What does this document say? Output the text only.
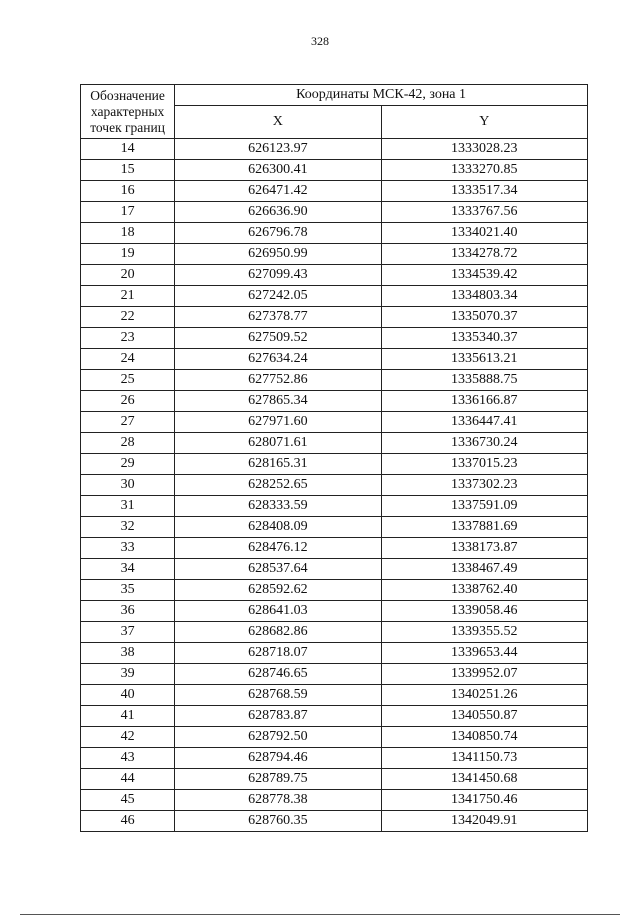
328
Обозначение
характерных
точек границ	Координаты МСК-42, зона 1	
	X	Y
14	626123.97	1333028.23
15	626300.41	1333270.85
16	626471.42	1333517.34
17	626636.90	1333767.56
18	626796.78	1334021.40
19	626950.99	1334278.72
20	627099.43	1334539.42
21	627242.05	1334803.34
22	627378.77	1335070.37
23	627509.52	1335340.37
24	627634.24	1335613.21
25	627752.86	1335888.75
26	627865.34	1336166.87
27	627971.60	1336447.41
28	628071.61	1336730.24
29	628165.31	1337015.23
30	628252.65	1337302.23
31	628333.59	1337591.09
32	628408.09	1337881.69
33	628476.12	1338173.87
34	628537.64	1338467.49
35	628592.62	1338762.40
36	628641.03	1339058.46
37	628682.86	1339355.52
38	628718.07	1339653.44
39	628746.65	1339952.07
40	628768.59	1340251.26
41	628783.87	1340550.87
42	628792.50	1340850.74
43	628794.46	1341150.73
44	628789.75	1341450.68
45	628778.38	1341750.46
46	628760.35	1342049.91
